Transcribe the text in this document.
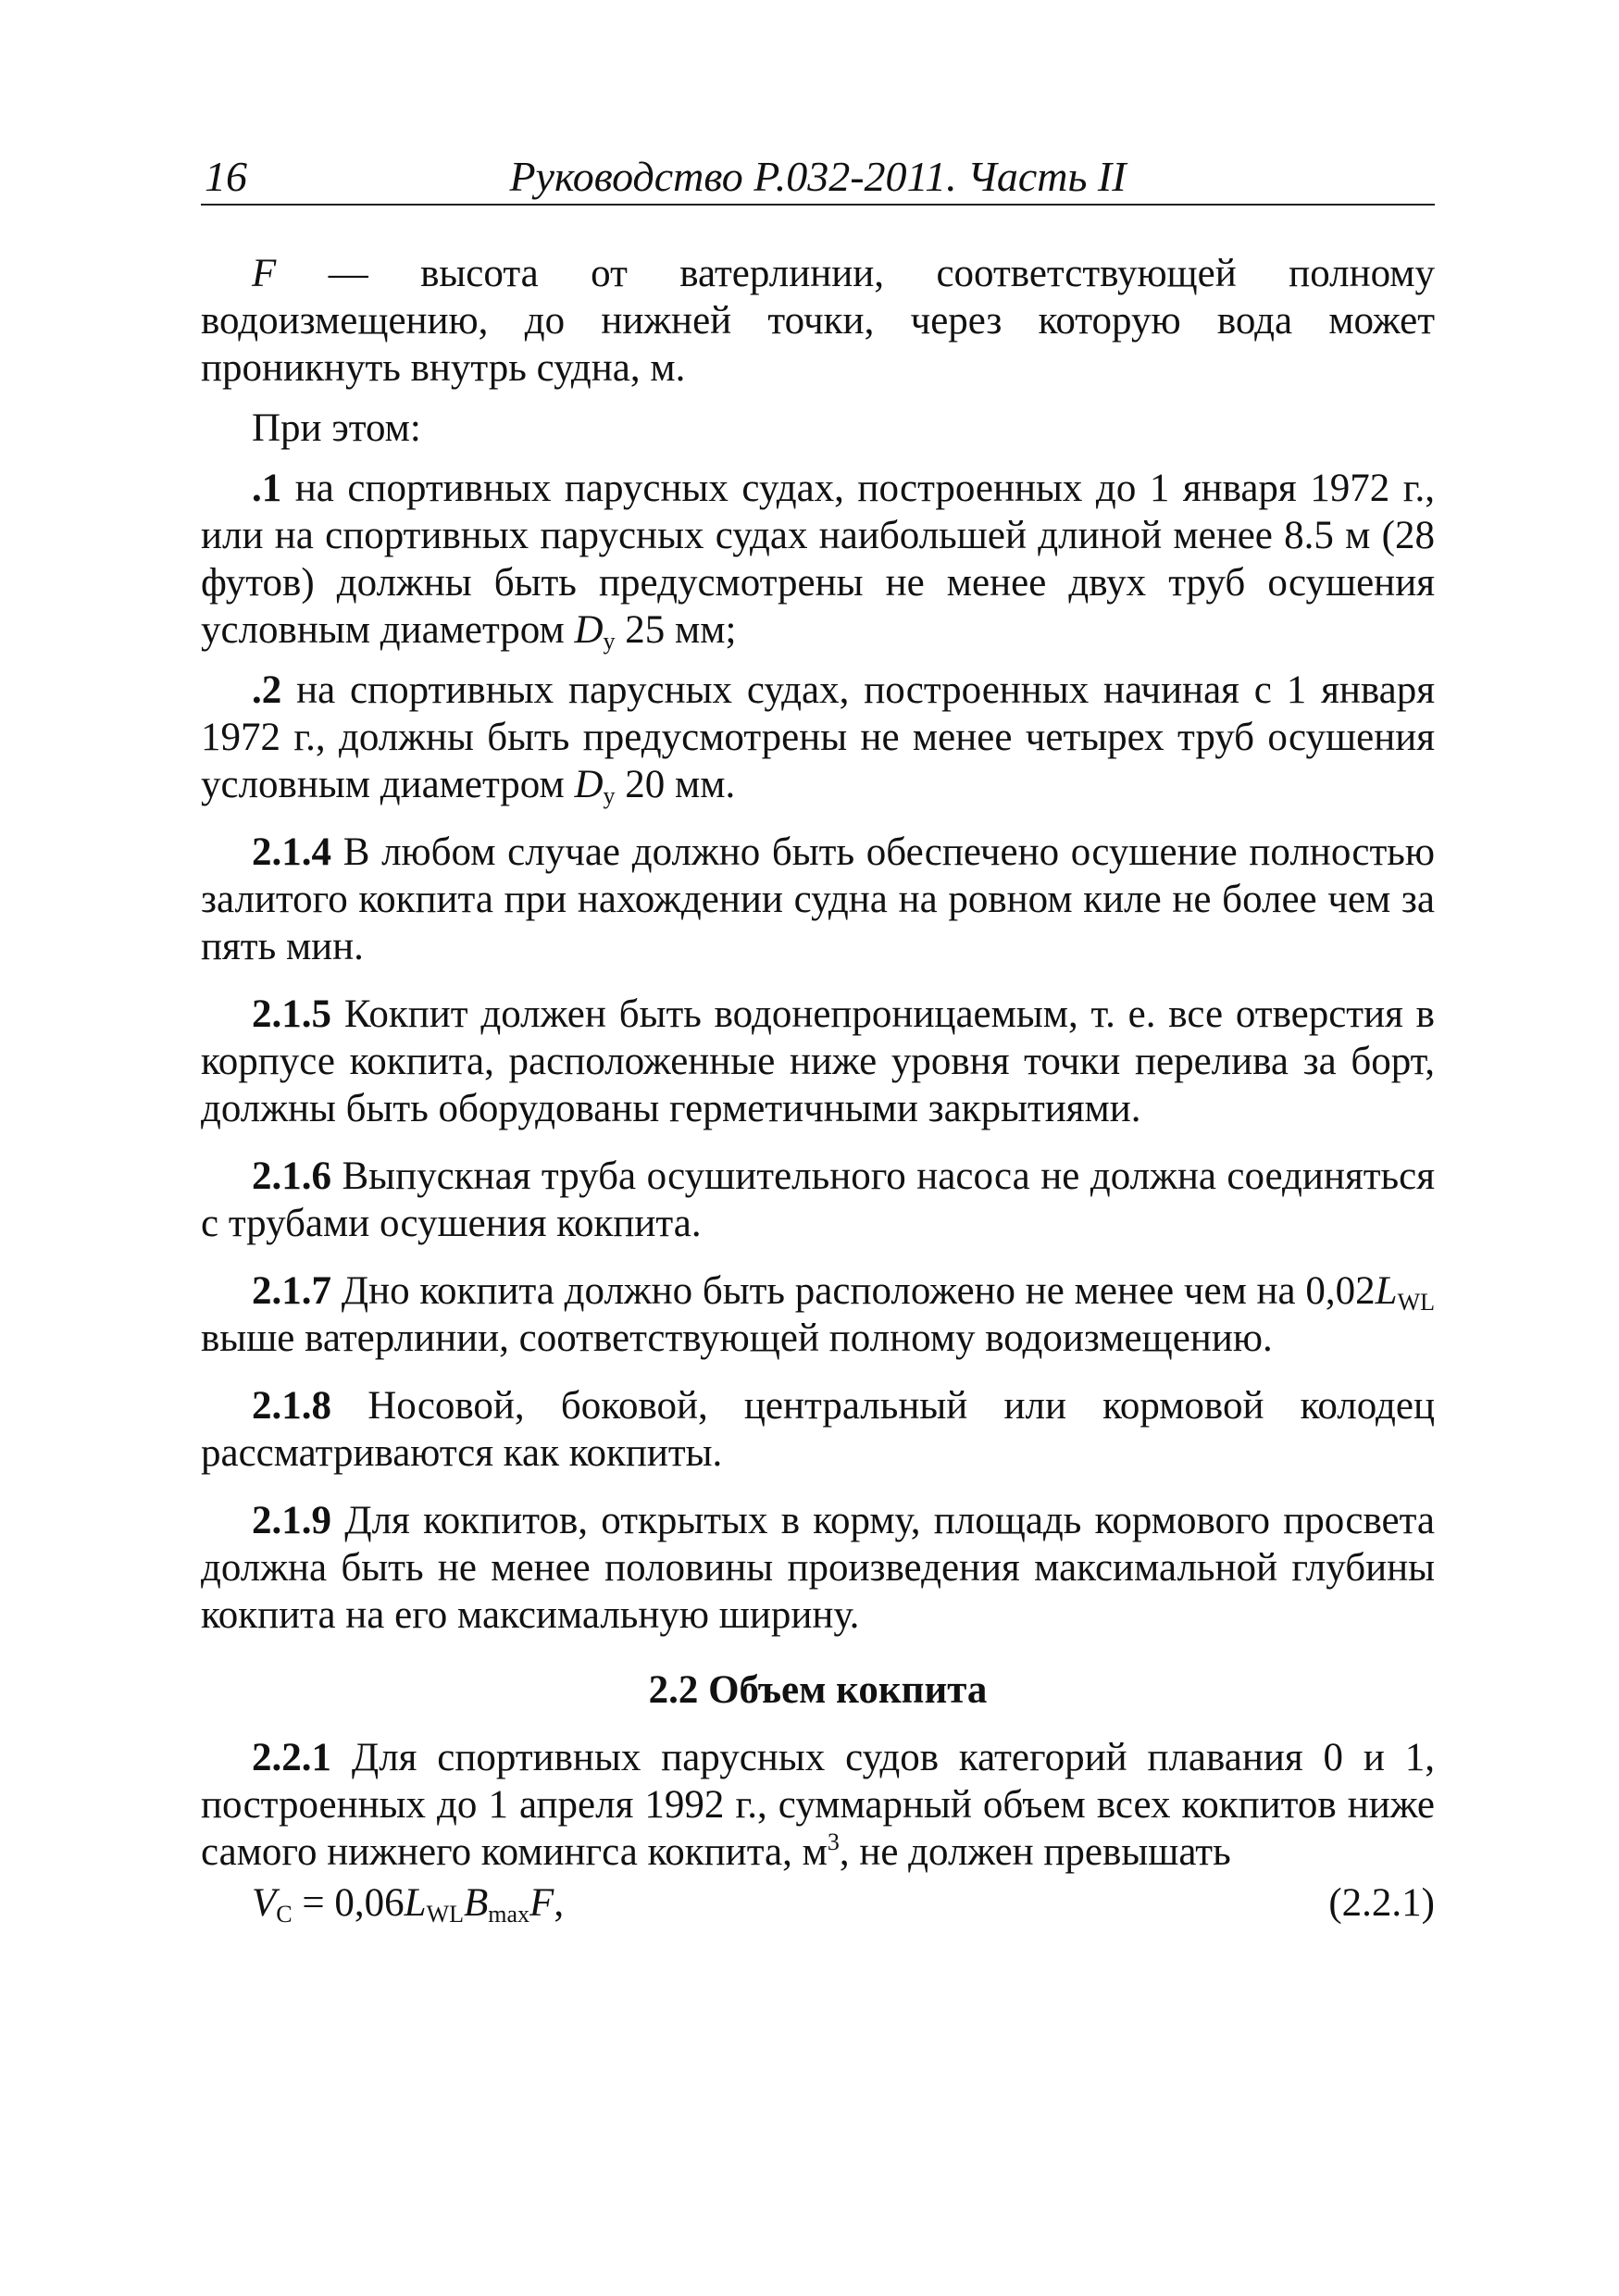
16	Руководство Р.032-2011. Часть II

F — высота от ватерлинии, соответствующей полному водоизмещению, до нижней точки, через которую вода может проникнуть внутрь судна, м.

При этом:

.1 на спортивных парусных судах, построенных до 1 января 1972 г., или на спортивных парусных судах наибольшей длиной менее 8.5 м (28 футов) должны быть предусмотрены не менее двух труб осушения условным диаметром $D_у$ 25 мм;

.2 на спортивных парусных судах, построенных начиная с 1 января 1972 г., должны быть предусмотрены не менее четырех труб осушения условным диаметром $D_у$ 20 мм.

2.1.4 В любом случае должно быть обеспечено осушение полностью залитого кокпита при нахождении судна на ровном киле не более чем за пять мин.

2.1.5 Кокпит должен быть водонепроницаемым, т. е. все отверстия в корпусе кокпита, расположенные ниже уровня точки перелива за борт, должны быть оборудованы герметичными закрытиями.

2.1.6 Выпускная труба осушительного насоса не должна соединяться с трубами осушения кокпита.

2.1.7 Дно кокпита должно быть расположено не менее чем на $0,02L_{WL}$ выше ватерлинии, соответствующей полному водоизмещению.

2.1.8 Носовой, боковой, центральный или кормовой колодец рассматриваются как кокпиты.

2.1.9 Для кокпитов, открытых в корму, площадь кормового просвета должна быть не менее половины произведения максимальной глубины кокпита на его максимальную ширину.

2.2 Объем кокпита

2.2.1 Для спортивных парусных судов категорий плавания 0 и 1, построенных до 1 апреля 1992 г., суммарный объем всех кокпитов ниже самого нижнего комингса кокпита, $м^3$, не должен превышать

$V_C = 0,06L_{WL}B_{max}F$,	(2.2.1)
